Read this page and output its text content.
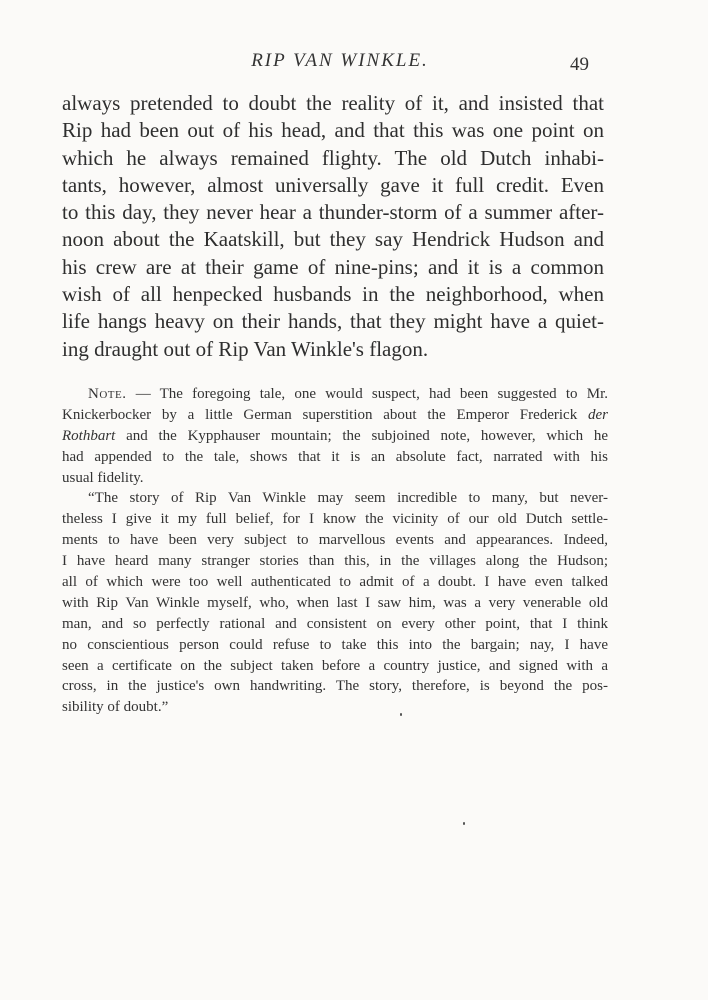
RIP VAN WINKLE.	49
always pretended to doubt the reality of it, and insisted that
Rip had been out of his head, and that this was one point on
which he always remained flighty. The old Dutch inhabi-
tants, however, almost universally gave it full credit. Even
to this day, they never hear a thunder-storm of a summer after-
noon about the Kaatskill, but they say Hendrick Hudson and
his crew are at their game of nine-pins; and it is a common
wish of all henpecked husbands in the neighborhood, when
life hangs heavy on their hands, that they might have a quiet-
ing draught out of Rip Van Winkle's flagon.
Note. — The foregoing tale, one would suspect, had been suggested to Mr.
Knickerbocker by a little German superstition about the Emperor Frederick der
Rothbart and the Kypphauser mountain; the subjoined note, however, which he
had appended to the tale, shows that it is an absolute fact, narrated with his
usual fidelity.
“The story of Rip Van Winkle may seem incredible to many, but never-
theless I give it my full belief, for I know the vicinity of our old Dutch settle-
ments to have been very subject to marvellous events and appearances. Indeed,
I have heard many stranger stories than this, in the villages along the Hudson;
all of which were too well authenticated to admit of a doubt. I have even talked
with Rip Van Winkle myself, who, when last I saw him, was a very venerable old
man, and so perfectly rational and consistent on every other point, that I think
no conscientious person could refuse to take this into the bargain; nay, I have
seen a certificate on the subject taken before a country justice, and signed with a
cross, in the justice's own handwriting. The story, therefore, is beyond the pos-
sibility of doubt.”
